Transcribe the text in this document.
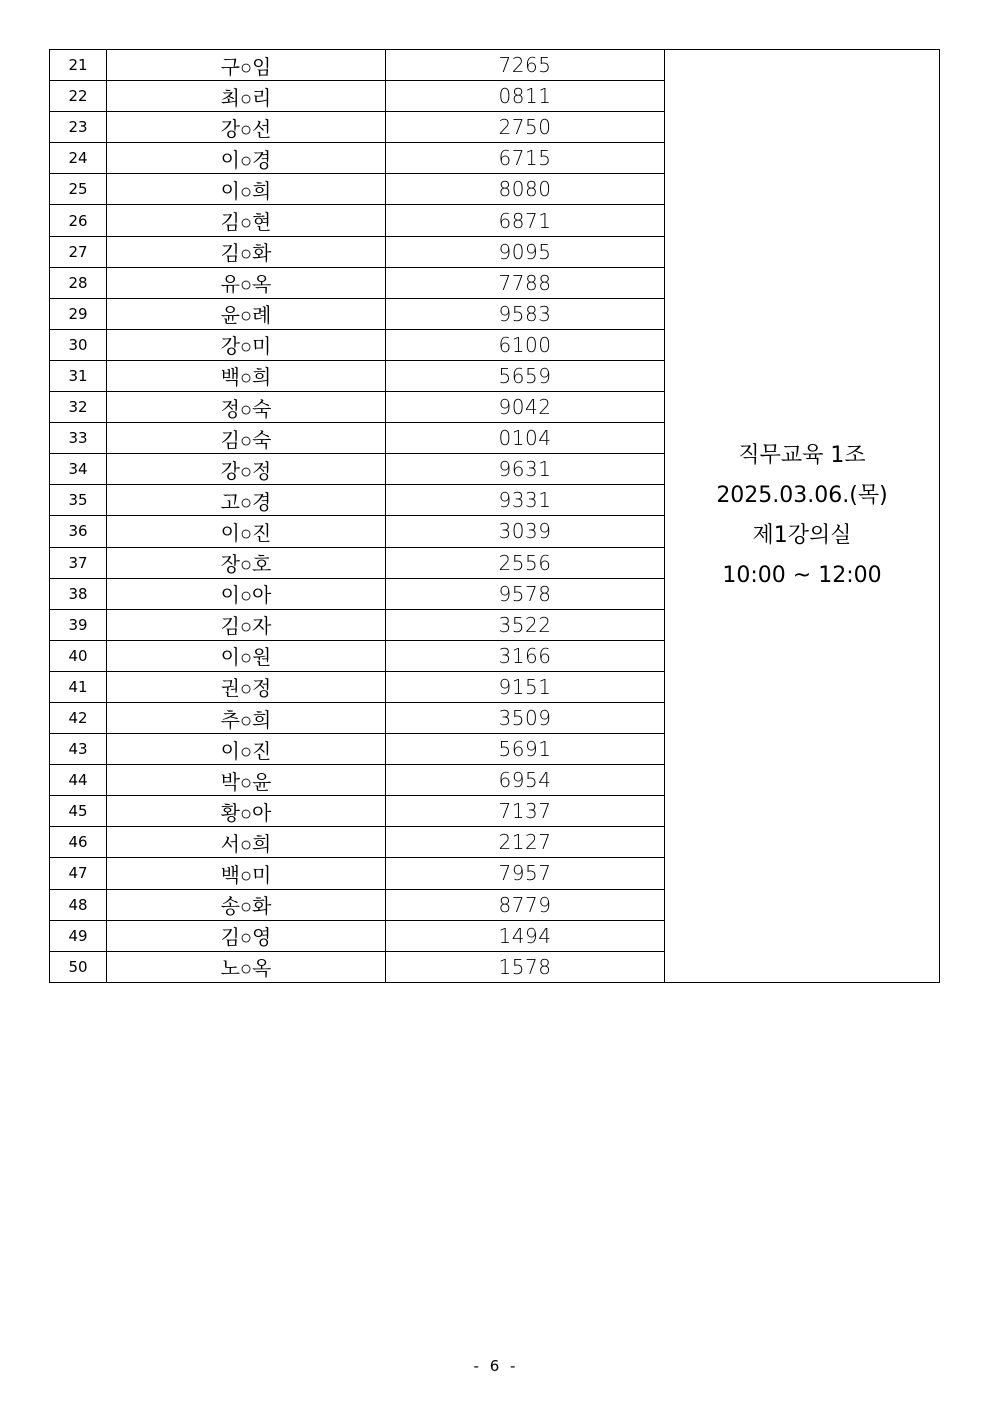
21	구○임	7265	직무교육 1조
2025.03.06.(목)
제1강의실
10:00 ~ 12:00

22	최○리	0811	
23	강○선	2750	
24	이○경	6715	
25	이○희	8080	
26	김○현	6871	
27	김○화	9095	
28	유○옥	7788	
29	윤○례	9583	
30	강○미	6100	
31	백○희	5659	
32	정○숙	9042	
33	김○숙	0104	
34	강○정	9631	
35	고○경	9331	
36	이○진	3039	
37	장○호	2556	
38	이○아	9578	
39	김○자	3522	
40	이○원	3166	
41	권○정	9151	
42	추○희	3509	
43	이○진	5691	
44	박○윤	6954	
45	황○아	7137	
46	서○희	2127	
47	백○미	7957	
48	송○화	8779	
49	김○영	1494	
50	노○옥	1578	
- 6 -
